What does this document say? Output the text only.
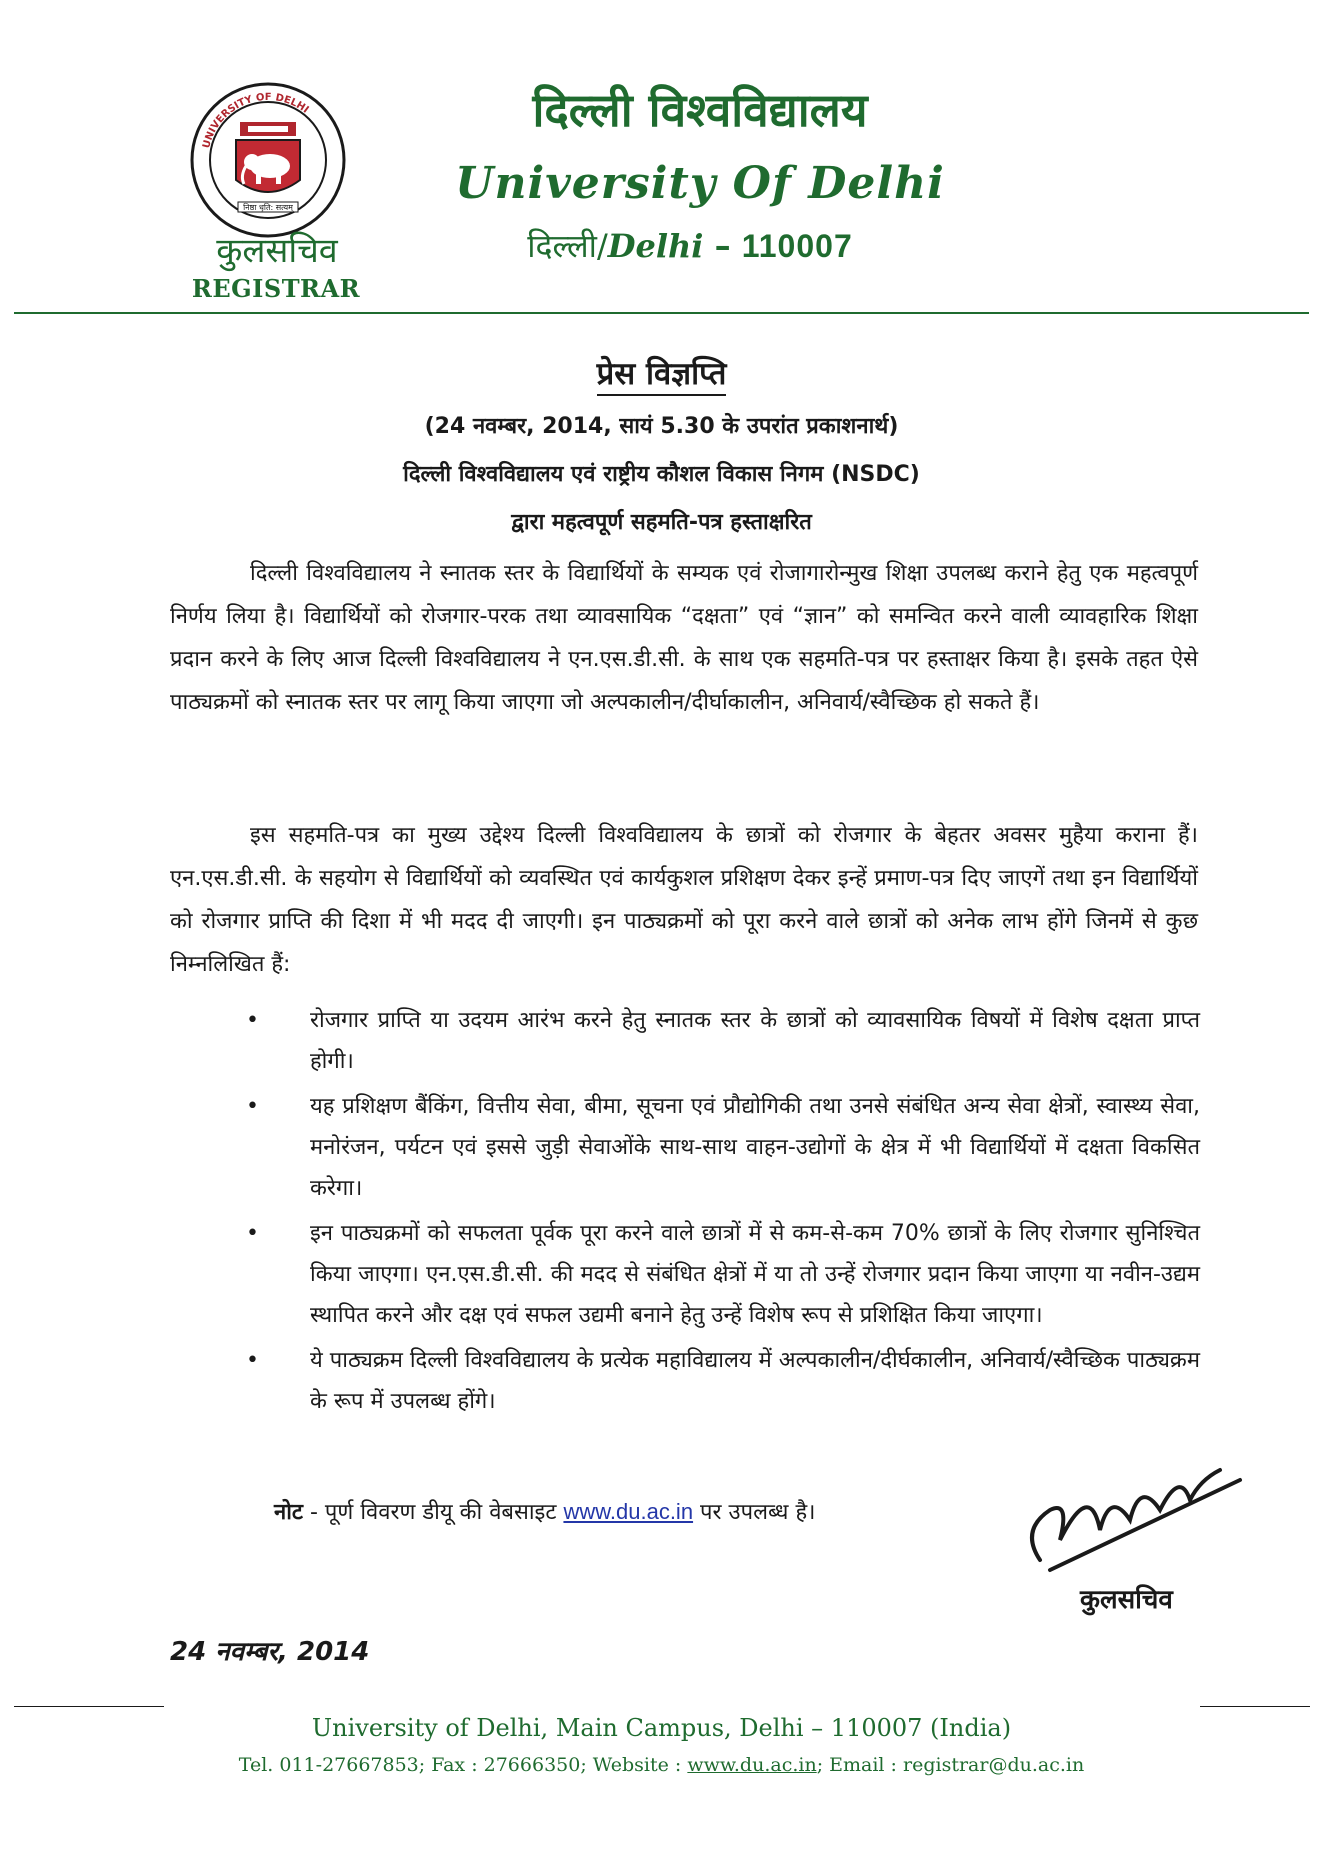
UNIVERSITY OF DELHI
निष्ठा धृति: सत्यम्
कुलसचिव
REGISTRAR
दिल्ली विश्वविद्यालय
University Of Delhi
दिल्ली/Delhi – 110007
प्रेस विज्ञप्ति
(24 नवम्बर, 2014, सायं 5.30 के उपरांत प्रकाशनार्थ)
दिल्ली विश्वविद्यालय एवं राष्ट्रीय कौशल विकास निगम (NSDC)
द्वारा महत्वपूर्ण सहमति-पत्र हस्ताक्षरित
दिल्ली विश्वविद्यालय ने स्नातक स्तर के विद्यार्थियों के सम्यक एवं रोजागारोन्मुख शिक्षा उपलब्ध कराने हेतु एक महत्वपूर्ण निर्णय लिया है। विद्यार्थियों को रोजगार-परक तथा व्यावसायिक “दक्षता” एवं “ज्ञान” को समन्वित करने वाली व्यावहारिक शिक्षा प्रदान करने के लिए आज दिल्ली विश्वविद्यालय ने एन.एस.डी.सी. के साथ एक सहमति-पत्र पर हस्ताक्षर किया है। इसके तहत ऐसे पाठ्यक्रमों को स्नातक स्तर पर लागू किया जाएगा जो अल्पकालीन/दीर्घाकालीन, अनिवार्य/स्वैच्छिक हो सकते हैं।
इस सहमति-पत्र का मुख्य उद्देश्य दिल्ली विश्वविद्यालय के छात्रों को रोजगार के बेहतर अवसर मुहैया कराना हैं। एन.एस.डी.सी. के सहयोग से विद्यार्थियों को व्यवस्थित एवं कार्यकुशल प्रशिक्षण देकर इन्हें प्रमाण-पत्र दिए जाएगें तथा इन विद्यार्थियों को रोजगार प्राप्ति की दिशा में भी मदद दी जाएगी। इन पाठ्यक्रमों को पूरा करने वाले छात्रों को अनेक लाभ होंगे जिनमें से कुछ निम्नलिखित हैं:
• रोजगार प्राप्ति या उदयम आरंभ करने हेतु स्नातक स्तर के छात्रों को व्यावसायिक विषयों में विशेष दक्षता प्राप्त होगी।
• यह प्रशिक्षण बैंकिंग, वित्तीय सेवा, बीमा, सूचना एवं प्रौद्योगिकी तथा उनसे संबंधित अन्य सेवा क्षेत्रों, स्वास्थ्य सेवा, मनोरंजन, पर्यटन एवं इससे जुड़ी सेवाओंके साथ-साथ वाहन-उद्योगों के क्षेत्र में भी विद्यार्थियों में दक्षता विकसित करेगा।
• इन पाठ्यक्रमों को सफलता पूर्वक पूरा करने वाले छात्रों में से कम-से-कम 70% छात्रों के लिए रोजगार सुनिश्चित किया जाएगा। एन.एस.डी.सी. की मदद से संबंधित क्षेत्रों में या तो उन्हें रोजगार प्रदान किया जाएगा या नवीन-उद्यम स्थापित करने और दक्ष एवं सफल उद्यमी बनाने हेतु उन्हें विशेष रूप से प्रशिक्षित किया जाएगा।
• ये पाठ्यक्रम दिल्ली विश्वविद्यालय के प्रत्येक महाविद्यालय में अल्पकालीन/दीर्घकालीन, अनिवार्य/स्वैच्छिक पाठ्यक्रम के रूप में उपलब्ध होंगे।
नोट - पूर्ण विवरण डीयू की वेबसाइट www.du.ac.in पर उपलब्ध है।
कुलसचिव
24 नवम्बर, 2014
University of Delhi, Main Campus, Delhi – 110007 (India)
Tel. 011-27667853; Fax : 27666350; Website : www.du.ac.in; Email : registrar@du.ac.in
